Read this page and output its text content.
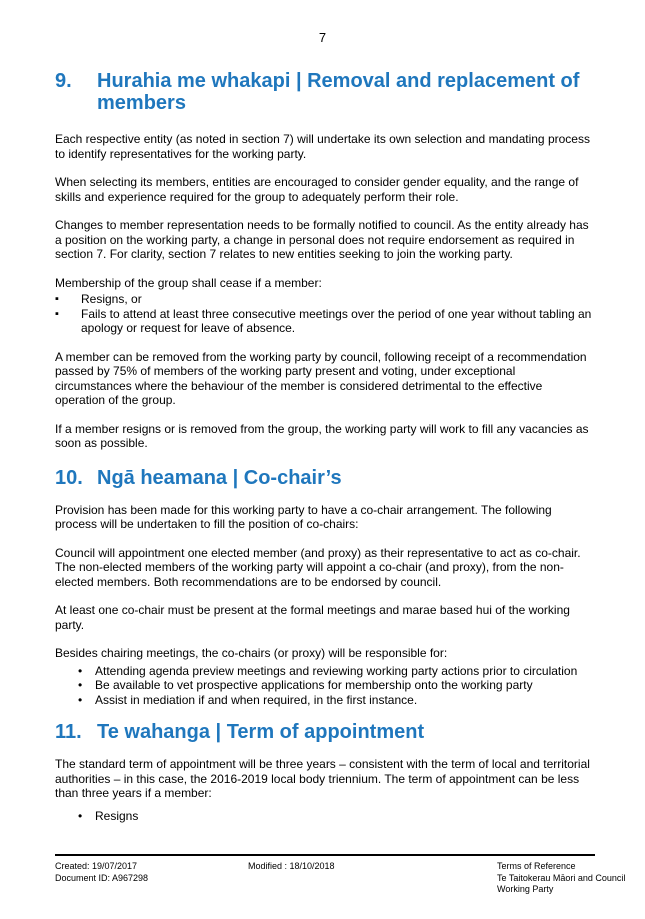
7
9.	Hurahia me whakapi | Removal and replacement of members

Each respective entity (as noted in section 7) will undertake its own selection and mandating process to identify representatives for the working party.

When selecting its members, entities are encouraged to consider gender equality, and the range of skills and experience required for the group to adequately perform their role.

Changes to member representation needs to be formally notified to council. As the entity already has a position on the working party, a change in personal does not require endorsement as required in section 7. For clarity, section 7 relates to new entities seeking to join the working party.

Membership of the group shall cease if a member:

▪ Resigns, or
▪ Fails to attend at least three consecutive meetings over the period of one year without tabling an apology or request for leave of absence.

A member can be removed from the working party by council, following receipt of a recommendation passed by 75% of members of the working party present and voting, under exceptional circumstances where the behaviour of the member is considered detrimental to the effective operation of the group.

If a member resigns or is removed from the group, the working party will work to fill any vacancies as soon as possible.

10. Ngā heamana | Co-chair’s

Provision has been made for this working party to have a co-chair arrangement. The following process will be undertaken to fill the position of co-chairs:

Council will appointment one elected member (and proxy) as their representative to act as co-chair. The non-elected members of the working party will appoint a co-chair (and proxy), from the non-elected members. Both recommendations are to be endorsed by council.

At least one co-chair must be present at the formal meetings and marae based hui of the working party.

Besides chairing meetings, the co-chairs (or proxy) will be responsible for:

• Attending agenda preview meetings and reviewing working party actions prior to circulation
• Be available to vet prospective applications for membership onto the working party
• Assist in mediation if and when required, in the first instance.
11. Te wahanga | Term of appointment

The standard term of appointment will be three years – consistent with the term of local and territorial authorities – in this case, the 2016-2019 local body triennium. The term of appointment can be less than three years if a member:

• Resigns
Created: 19/07/2017
Document ID: A967298
Modified : 18/10/2018	Terms of Reference
Te Taitokerau Māori and Council
Working Party
